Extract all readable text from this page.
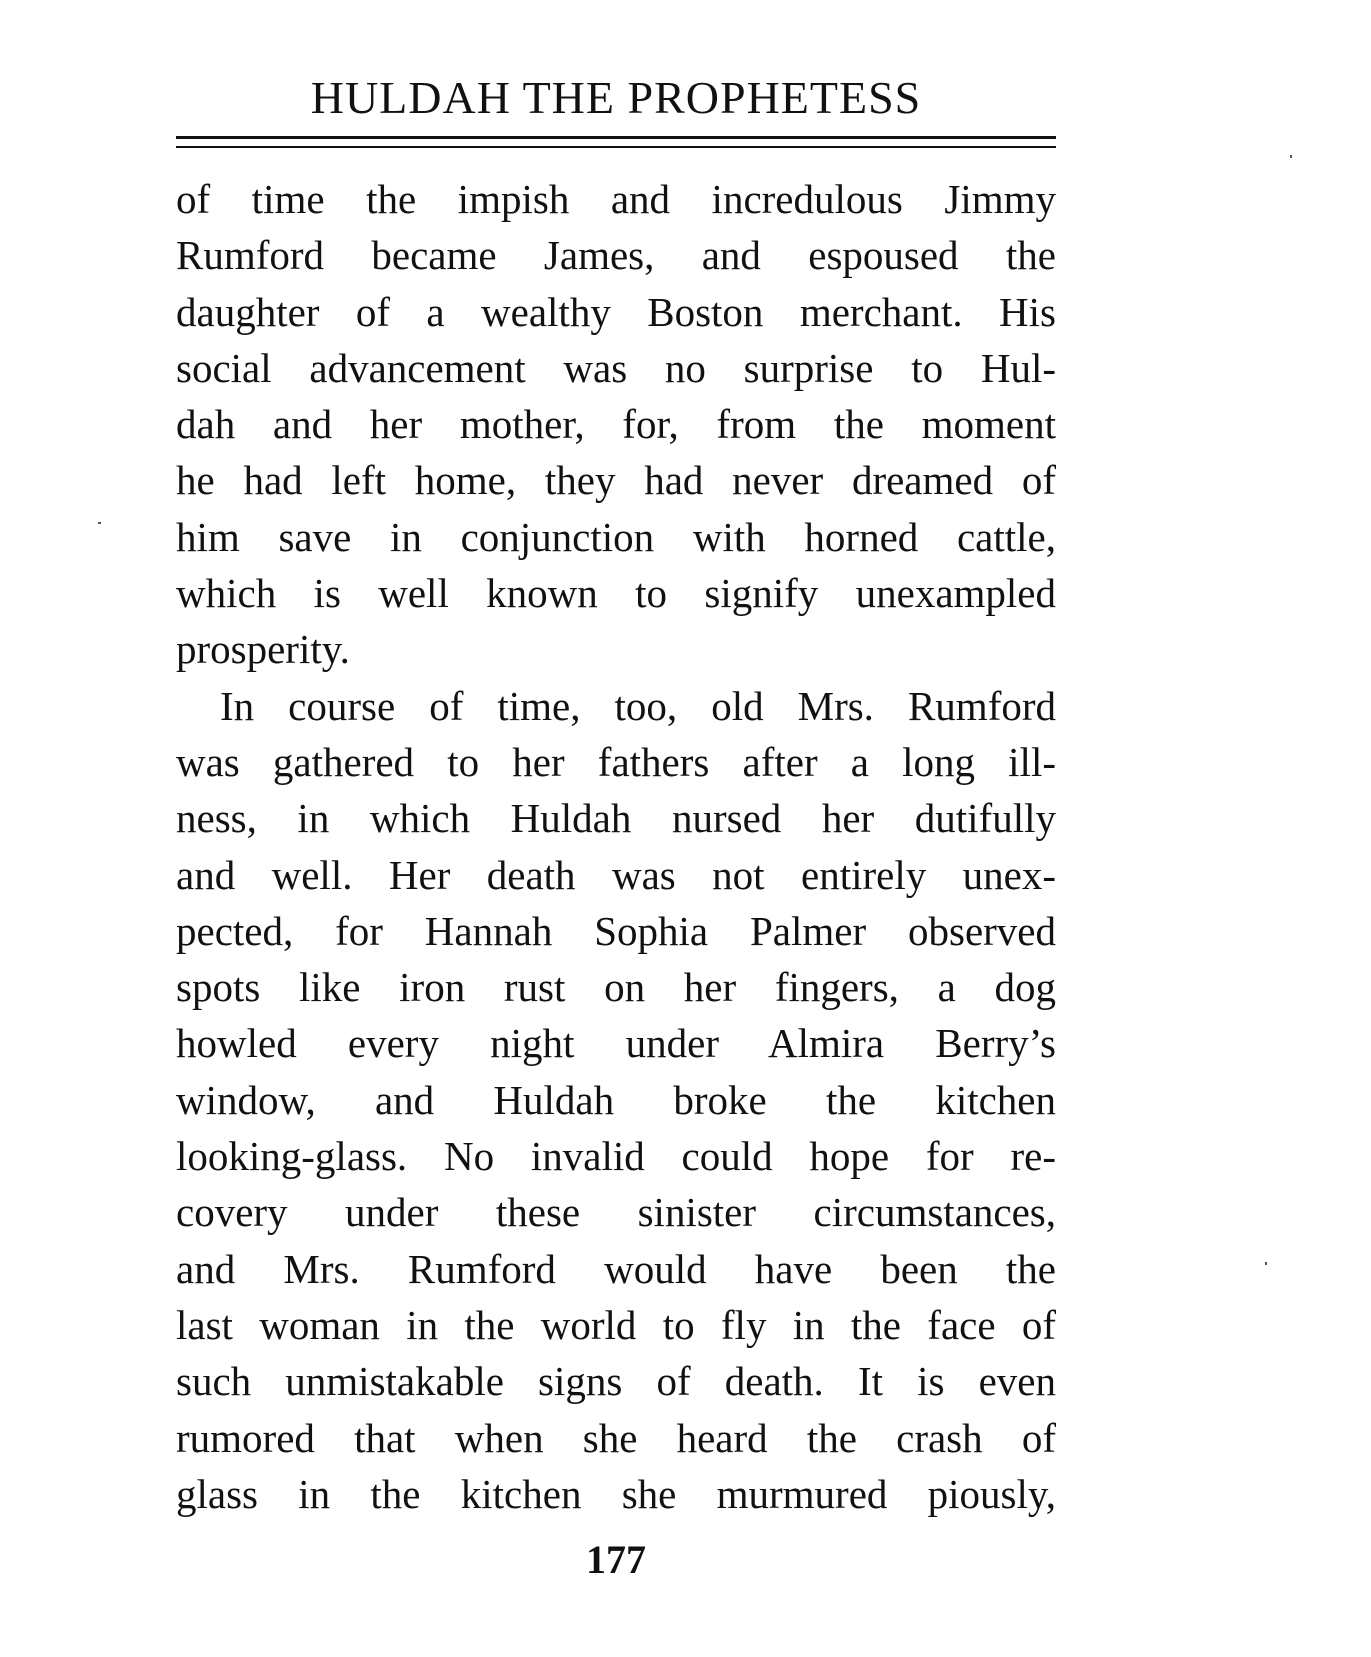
HULDAH THE PROPHETESS
of time the impish and incredulous Jimmy
Rumford became James, and espoused the
daughter of a wealthy Boston merchant. His
social advancement was no surprise to Hul-
dah and her mother, for, from the moment
he had left home, they had never dreamed of
him save in conjunction with horned cattle,
which is well known to signify unexampled
prosperity.
In course of time, too, old Mrs. Rumford
was gathered to her fathers after a long ill-
ness, in which Huldah nursed her dutifully
and well. Her death was not entirely unex-
pected, for Hannah Sophia Palmer observed
spots like iron rust on her fingers, a dog
howled every night under Almira Berry’s
window, and Huldah broke the kitchen
looking-glass. No invalid could hope for re-
covery under these sinister circumstances,
and Mrs. Rumford would have been the
last woman in the world to fly in the face of
such unmistakable signs of death. It is even
rumored that when she heard the crash of
glass in the kitchen she murmured piously,
177
